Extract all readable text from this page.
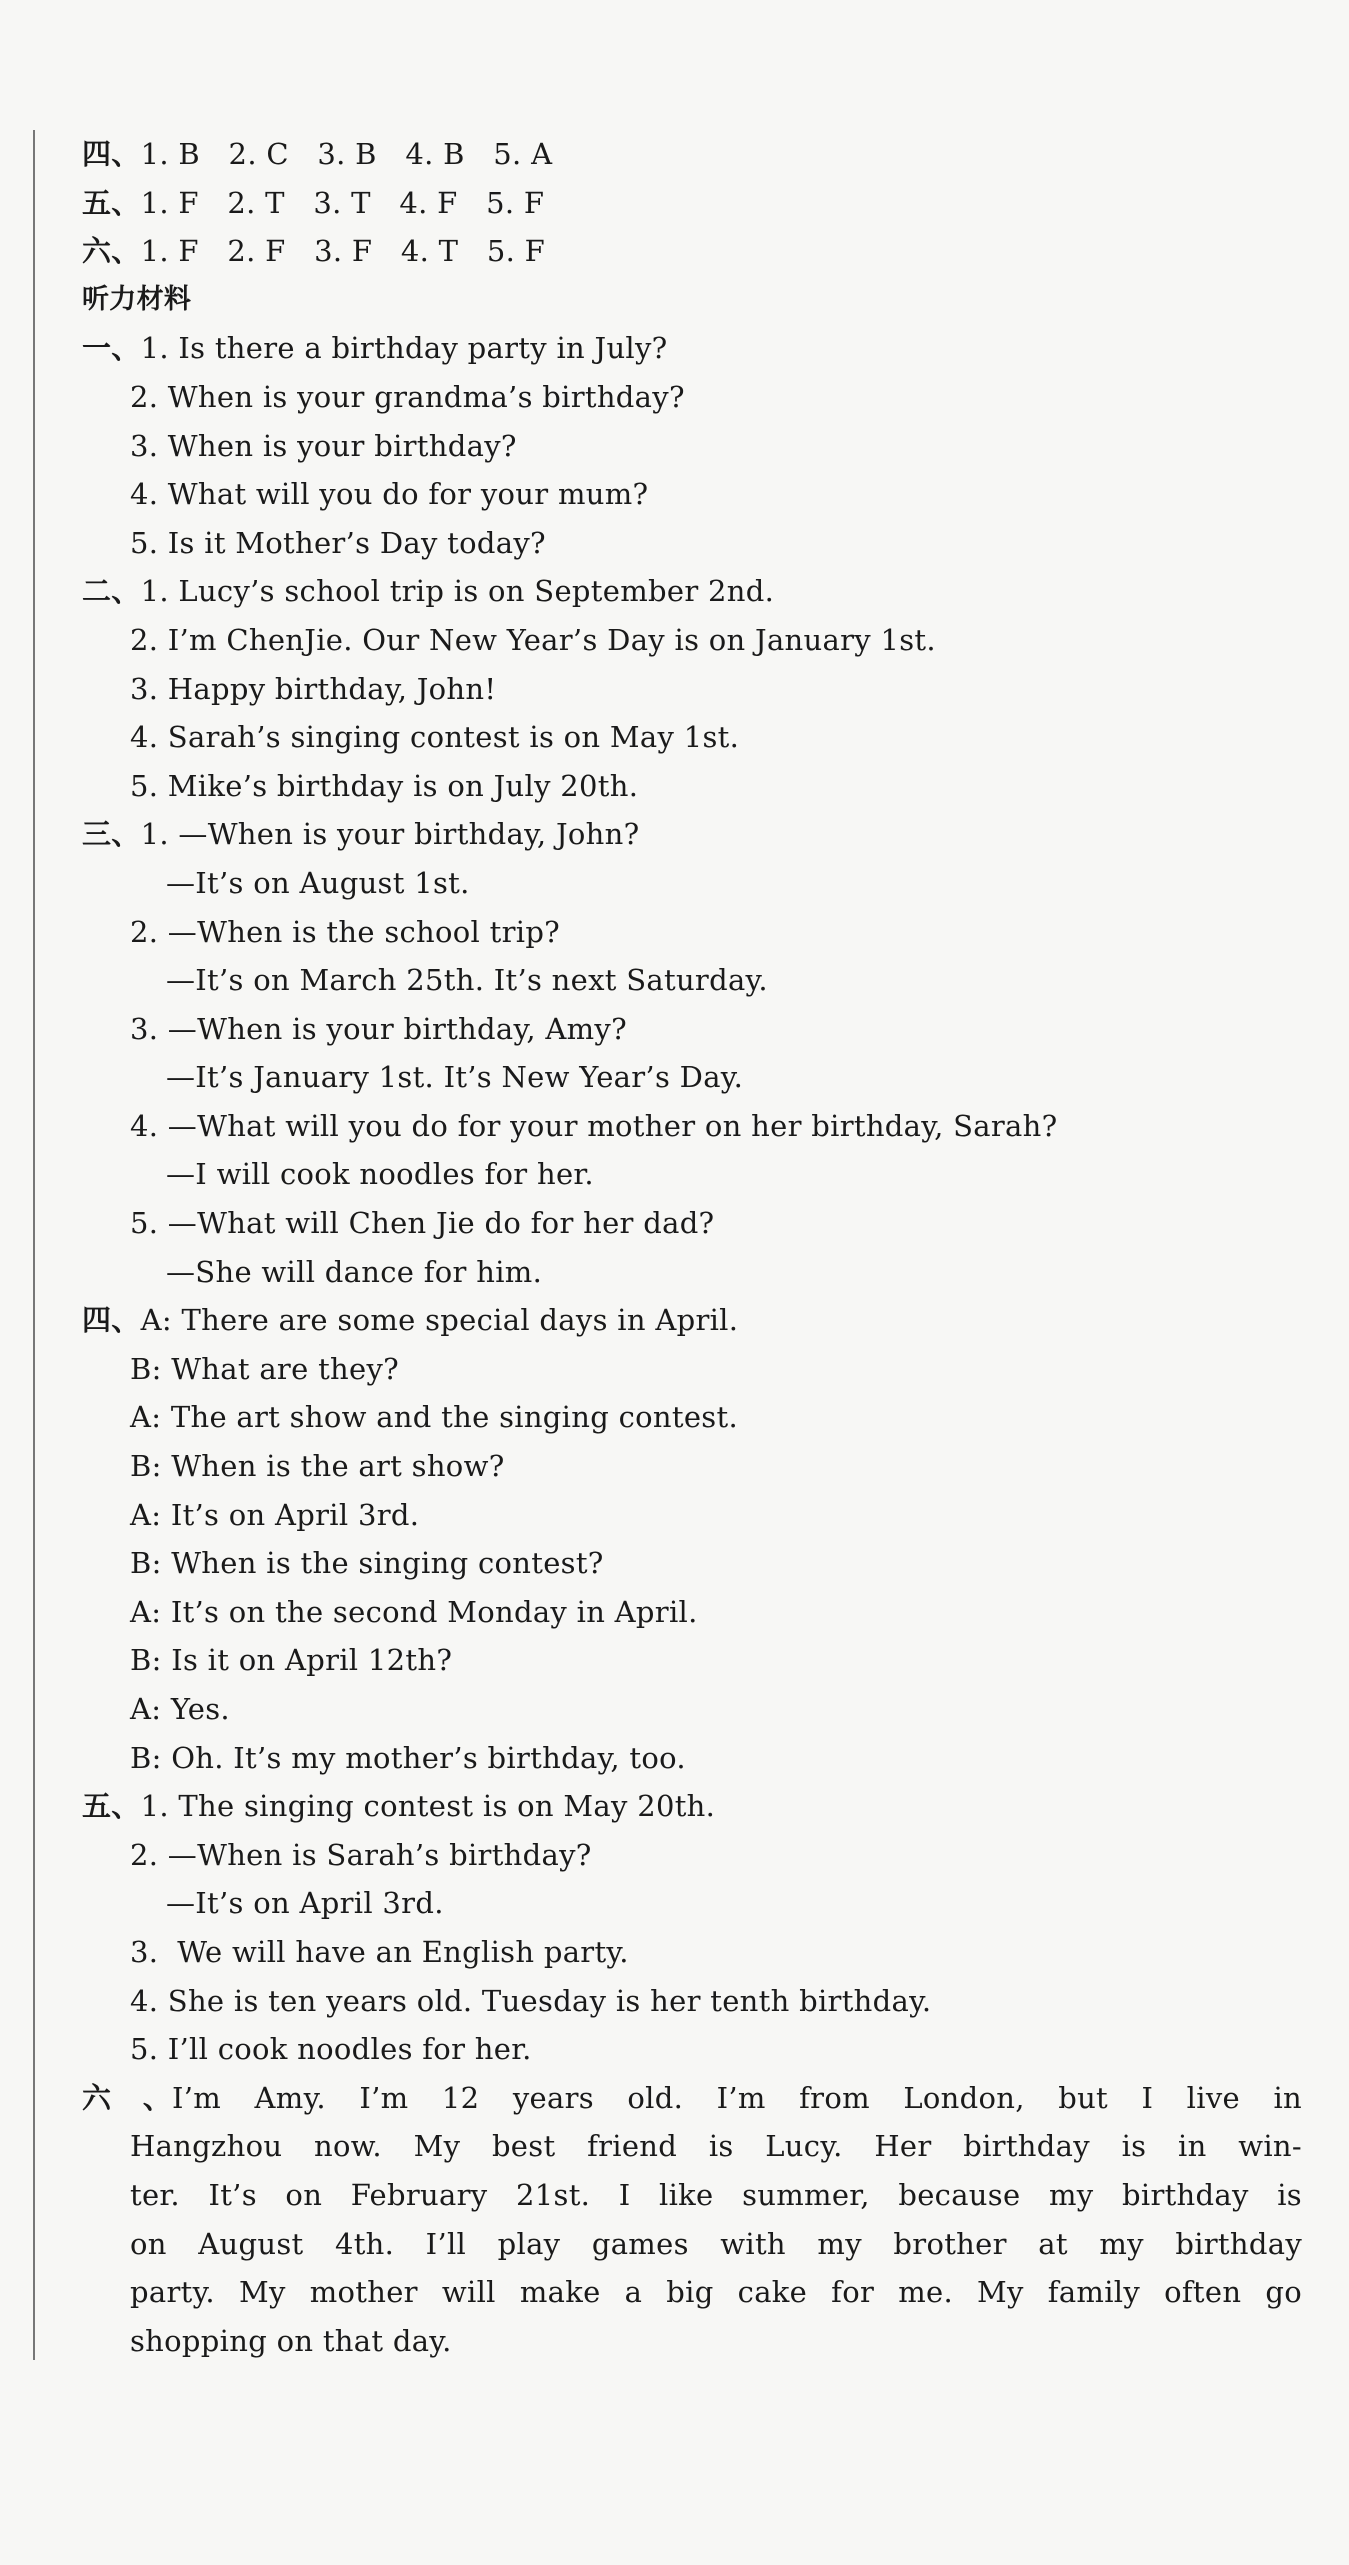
四、1. B   2. C   3. B   4. B   5. A
五、1. F   2. T   3. T   4. F   5. F
六、1. F   2. F   3. F   4. T   5. F
听力材料
一、1. Is there a birthday party in July?
2. When is your grandma’s birthday?
3. When is your birthday?
4. What will you do for your mum?
5. Is it Mother’s Day today?
二、1. Lucy’s school trip is on September 2nd.
2. I’m ChenJie. Our New Year’s Day is on January 1st.
3. Happy birthday, John!
4. Sarah’s singing contest is on May 1st.
5. Mike’s birthday is on July 20th.
三、1. —When is your birthday, John?
—It’s on August 1st.
2. —When is the school trip?
—It’s on March 25th. It’s next Saturday.
3. —When is your birthday, Amy?
—It’s January 1st. It’s New Year’s Day.
4. —What will you do for your mother on her birthday, Sarah?
—I will cook noodles for her.
5. —What will Chen Jie do for her dad?
—She will dance for him.
四、A: There are some special days in April.
B: What are they?
A: The art show and the singing contest.
B: When is the art show?
A: It’s on April 3rd.
B: When is the singing contest?
A: It’s on the second Monday in April.
B: Is it on April 12th?
A: Yes.
B: Oh. It’s my mother’s birthday, too.
五、1. The singing contest is on May 20th.
2. —When is Sarah’s birthday?
—It’s on April 3rd.
3.  We will have an English party.
4. She is ten years old. Tuesday is her tenth birthday.
5. I’ll cook noodles for her.
六、 I’m Amy. I’m 12 years old. I’m from London, but I live in
Hangzhou now. My best friend is Lucy. Her birthday is in win-
ter. It’s on February 21st. I like summer, because my birthday is
on August 4th. I’ll play games with my brother at my birthday
party. My mother will make a big cake for me. My family often go
shopping on that day.
